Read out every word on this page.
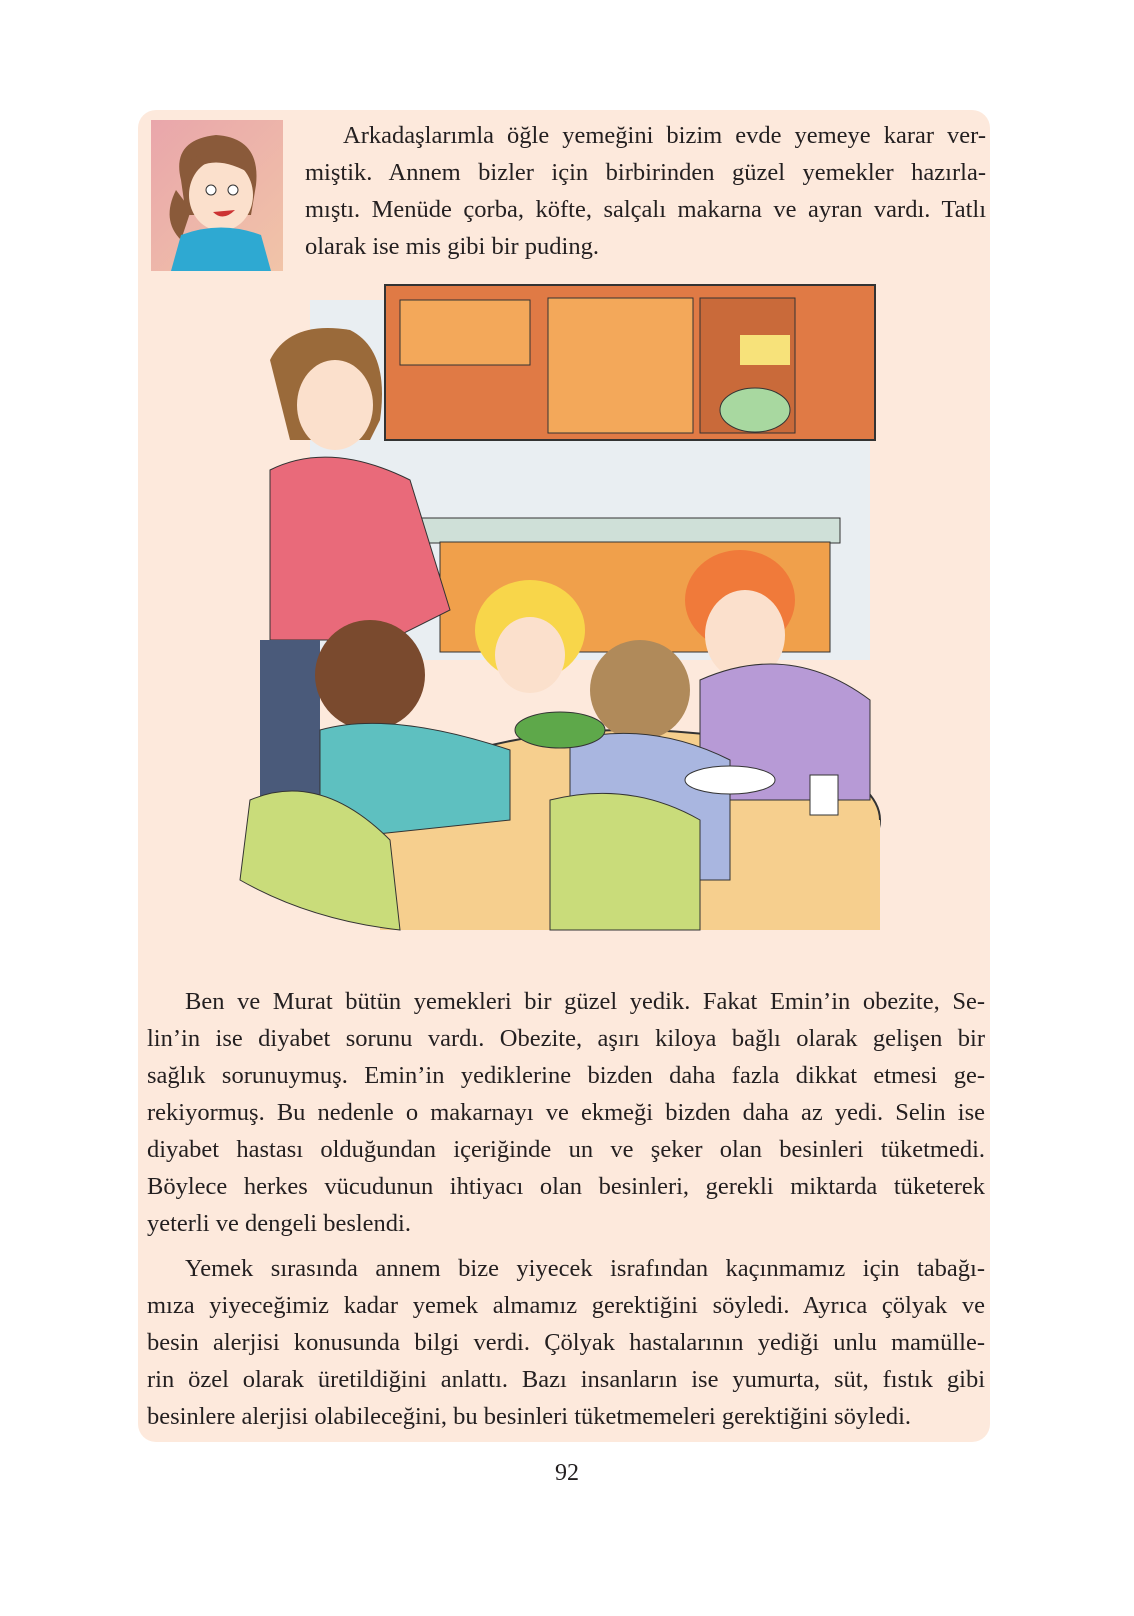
Arkadaşlarımla öğle yemeğini bizim evde yemeye karar ver-
miştik. Annem bizler için birbirinden güzel yemekler hazırla-
mıştı. Menüde çorba, köfte, salçalı makarna ve ayran vardı. Tatlı
olarak ise mis gibi bir puding.
Ben ve Murat bütün yemekleri bir güzel yedik. Fakat Emin’in obezite, Se-
lin’in ise diyabet sorunu vardı. Obezite, aşırı kiloya bağlı olarak gelişen bir
sağlık sorunuymuş. Emin’in yediklerine bizden daha fazla dikkat etmesi ge-
rekiyormuş. Bu nedenle o makarnayı ve ekmeği bizden daha az yedi. Selin ise
diyabet hastası olduğundan içeriğinde un ve şeker olan besinleri tüketmedi.
Böylece herkes vücudunun ihtiyacı olan besinleri, gerekli miktarda tüketerek
yeterli ve dengeli beslendi.
Yemek sırasında annem bize yiyecek israfından kaçınmamız için tabağı-
mıza yiyeceğimiz kadar yemek almamız gerektiğini söyledi. Ayrıca çölyak ve
besin alerjisi konusunda bilgi verdi. Çölyak hastalarının yediği unlu mamülle-
rin özel olarak üretildiğini anlattı. Bazı insanların ise yumurta, süt, fıstık gibi
besinlere alerjisi olabileceğini, bu besinleri tüketmemeleri gerektiğini söyledi.
92
